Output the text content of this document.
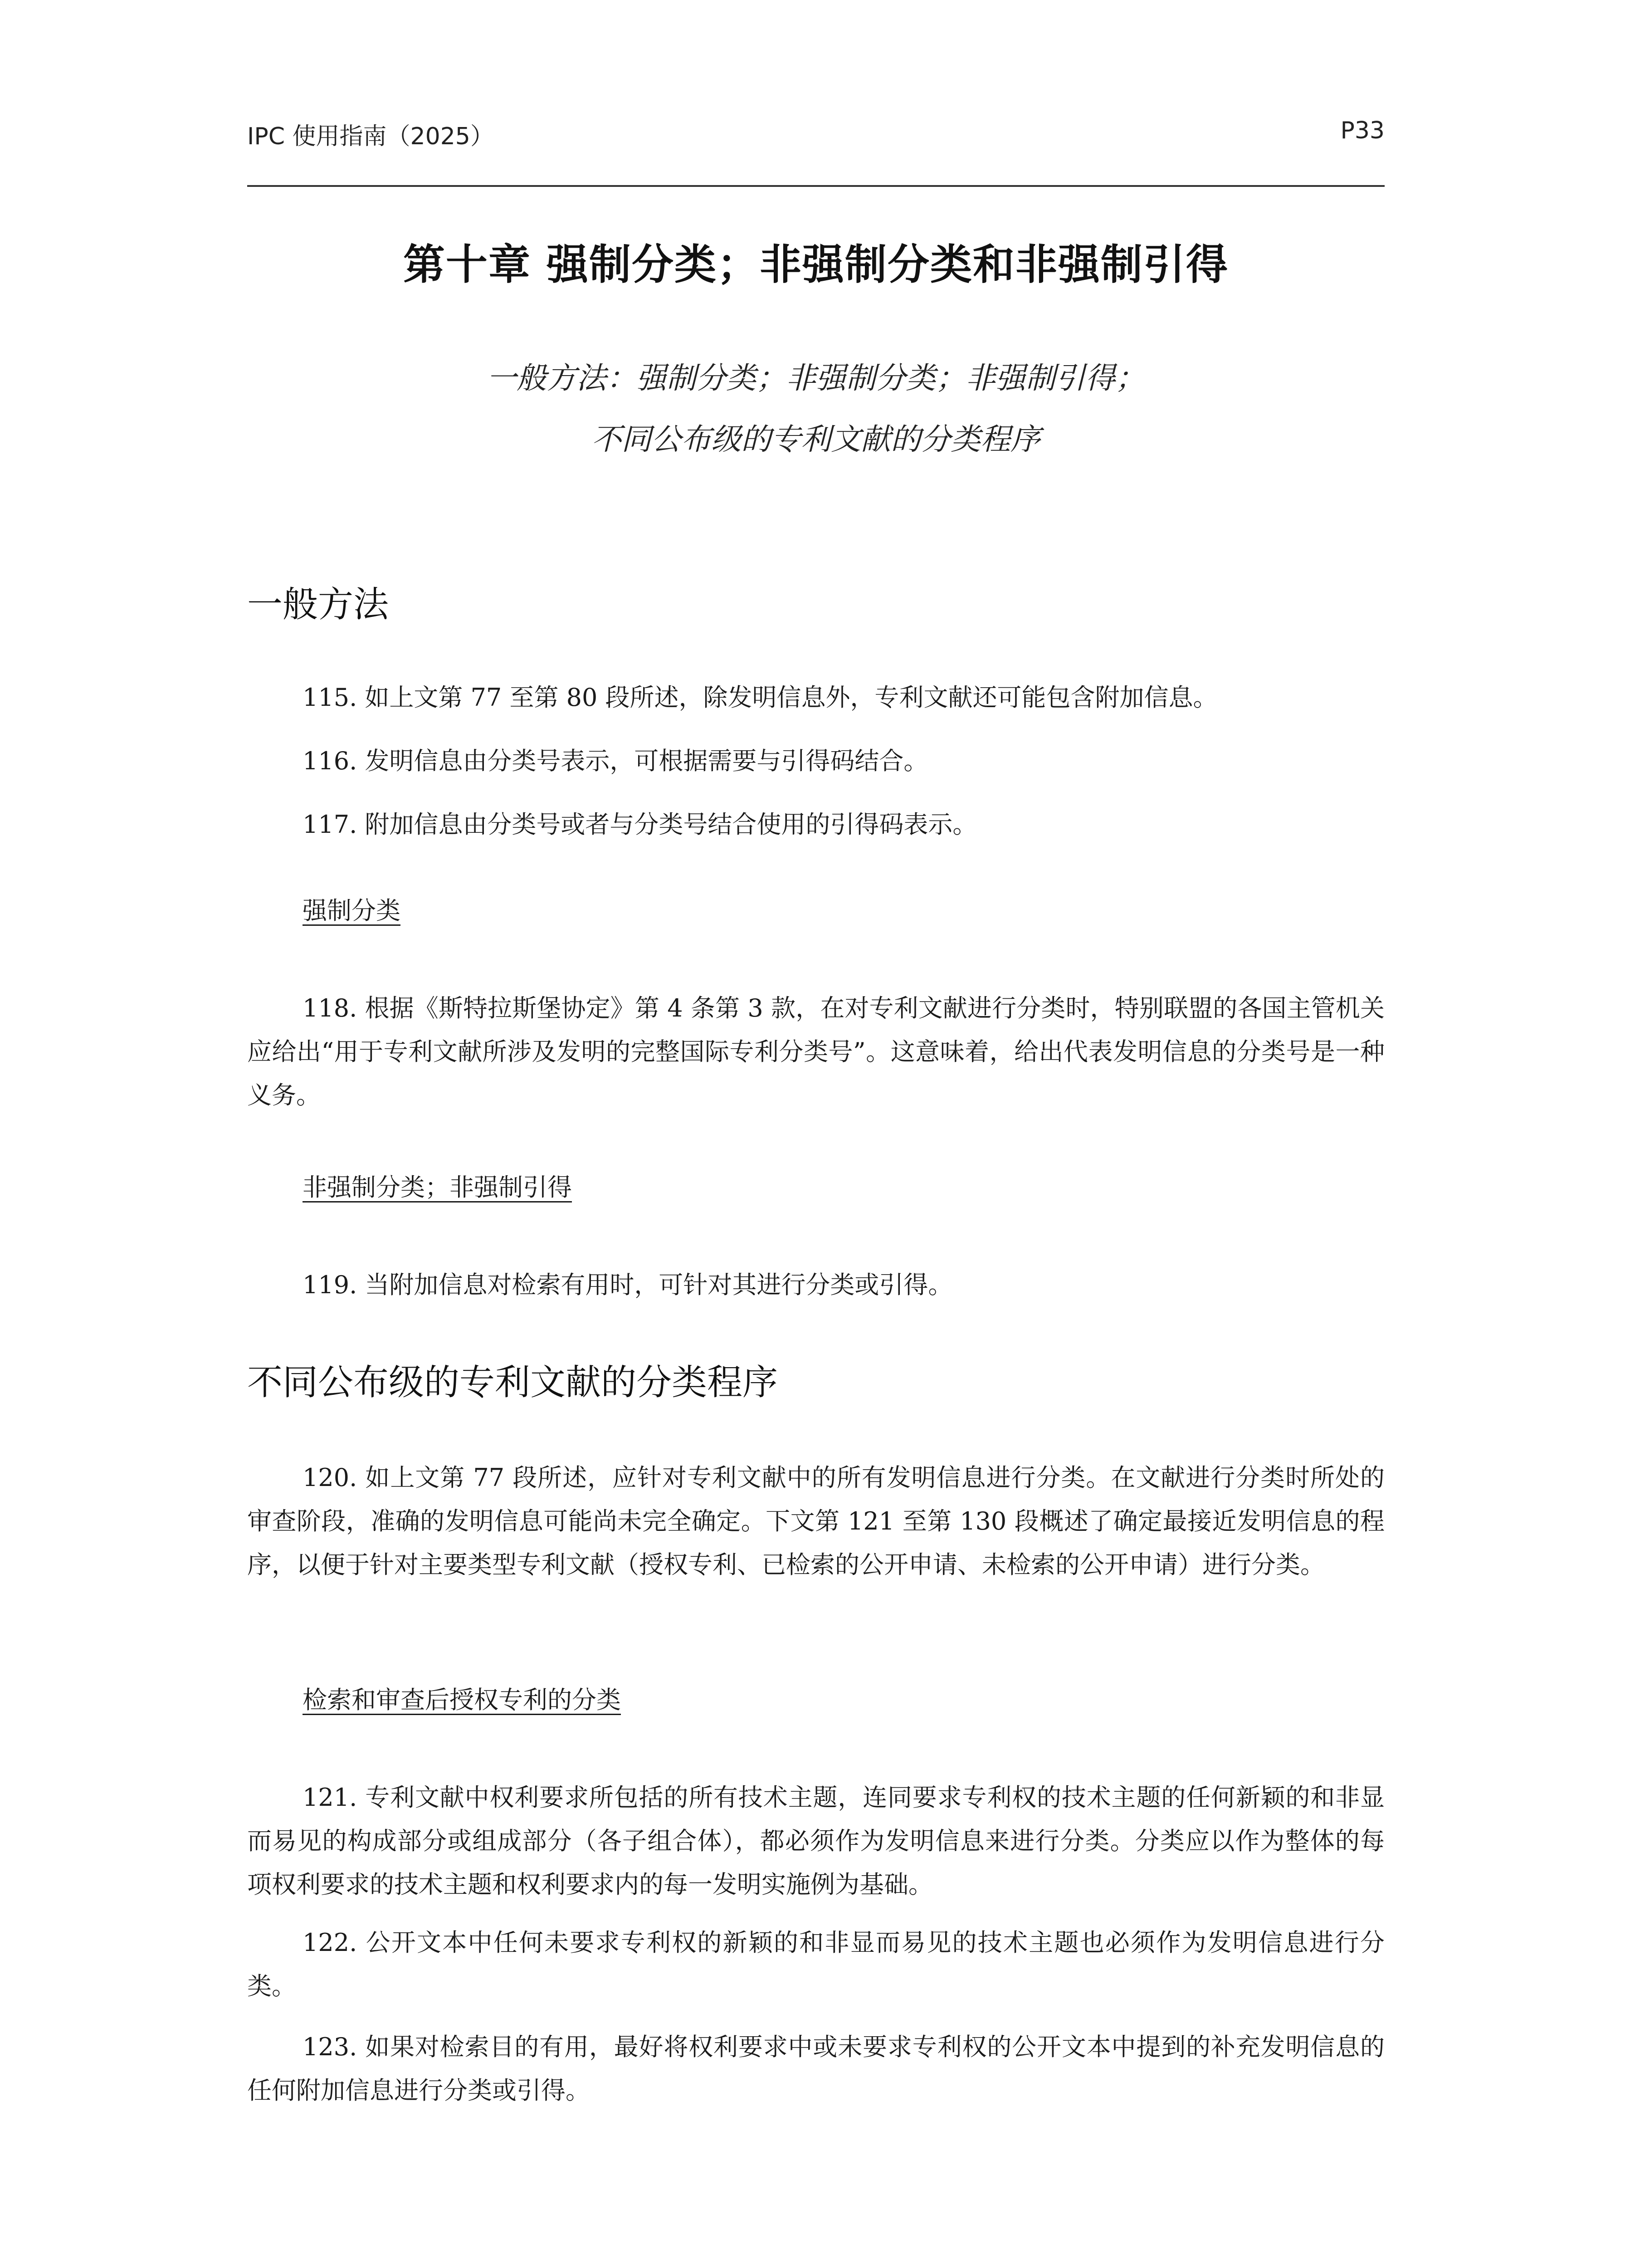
IPC 使用指南（2025）	P33
第十章 强制分类；非强制分类和非强制引得
一般方法：强制分类；非强制分类；非强制引得；
不同公布级的专利文献的分类程序
一般方法
115. 如上文第 77 至第 80 段所述，除发明信息外，专利文献还可能包含附加信息。
116. 发明信息由分类号表示，可根据需要与引得码结合。
117. 附加信息由分类号或者与分类号结合使用的引得码表示。
强制分类
118. 根据《斯特拉斯堡协定》第 4 条第 3 款，在对专利文献进行分类时，特别联盟的各国主管机关应给出“用于专利文献所涉及发明的完整国际专利分类号”。这意味着，给出代表发明信息的分类号是一种义务。
非强制分类；非强制引得
119. 当附加信息对检索有用时，可针对其进行分类或引得。
不同公布级的专利文献的分类程序
120. 如上文第 77 段所述，应针对专利文献中的所有发明信息进行分类。在文献进行分类时所处的审查阶段，准确的发明信息可能尚未完全确定。下文第 121 至第 130 段概述了确定最接近发明信息的程序，以便于针对主要类型专利文献（授权专利、已检索的公开申请、未检索的公开申请）进行分类。
检索和审查后授权专利的分类
121. 专利文献中权利要求所包括的所有技术主题，连同要求专利权的技术主题的任何新颖的和非显而易见的构成部分或组成部分（各子组合体），都必须作为发明信息来进行分类。分类应以作为整体的每项权利要求的技术主题和权利要求内的每一发明实施例为基础。
122. 公开文本中任何未要求专利权的新颖的和非显而易见的技术主题也必须作为发明信息进行分类。
123. 如果对检索目的有用，最好将权利要求中或未要求专利权的公开文本中提到的补充发明信息的任何附加信息进行分类或引得。
